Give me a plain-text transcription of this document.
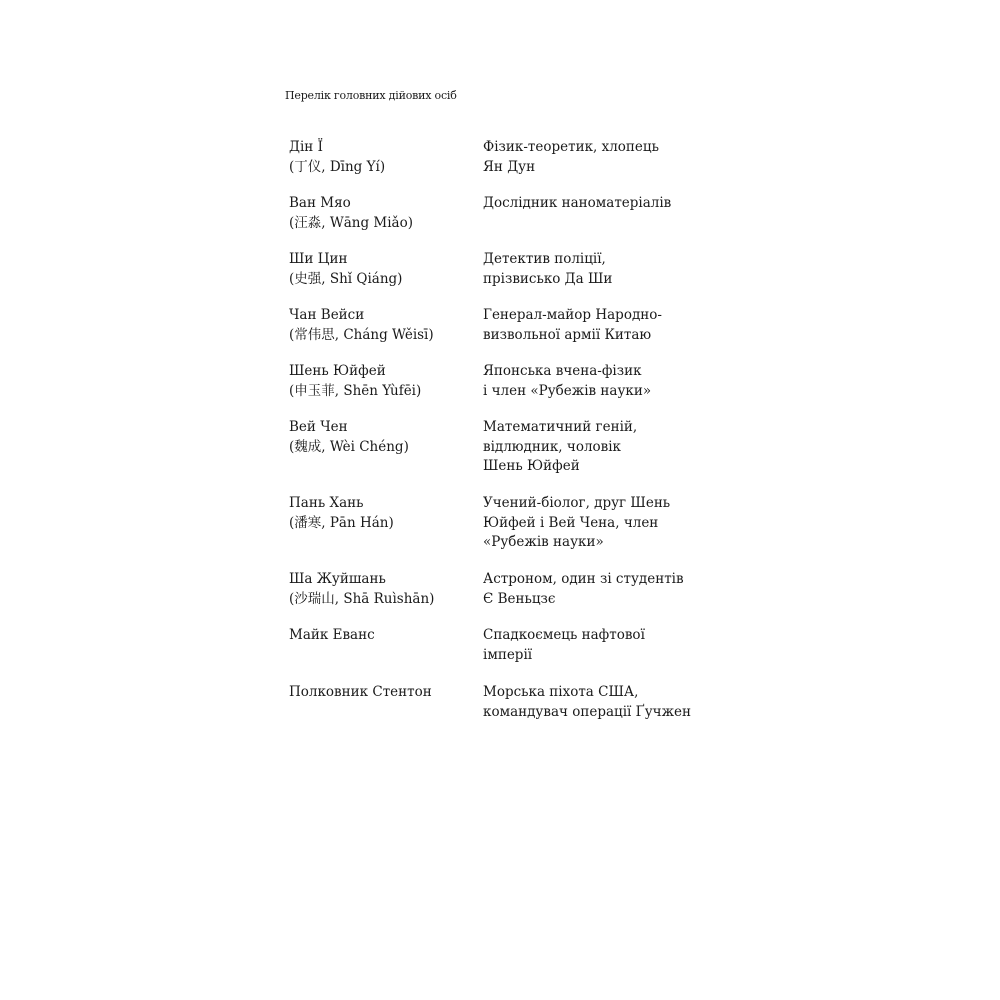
Перелік головних дійових осіб
Дін Ї
(丁仪, Dīng Yí)
Фізик-теоретик, хлопець
Ян Дун
Ван Мяо
(汪淼, Wāng Miǎo)
Дослідник наноматеріалів
Ши Цин
(史强, Shǐ Qiáng)
Детектив поліції,
прізвисько Да Ши
Чан Вейси
(常伟思, Cháng Wěisī)
Генерал-майор Народно-
визвольної армії Китаю
Шень Юйфей
(申玉菲, Shēn Yùfēi)
Японська вчена-фізик
і член «Рубежів науки»
Вей Чен
(魏成, Wèi Chéng)
Математичний геній,
відлюдник, чоловік
Шень Юйфей
Пань Хань
(潘寒, Pān Hán)
Учений-біолог, друг Шень
Юйфей і Вей Чена, член
«Рубежів науки»
Ша Жуйшань
(沙瑞山, Shā Ruìshān)
Астроном, один зі студентів
Є Веньцзє
Майк Еванс	Спадкоємець нафтової
імперії
Полковник Стентон	Морська піхота США,
командувач операції Ґучжен
